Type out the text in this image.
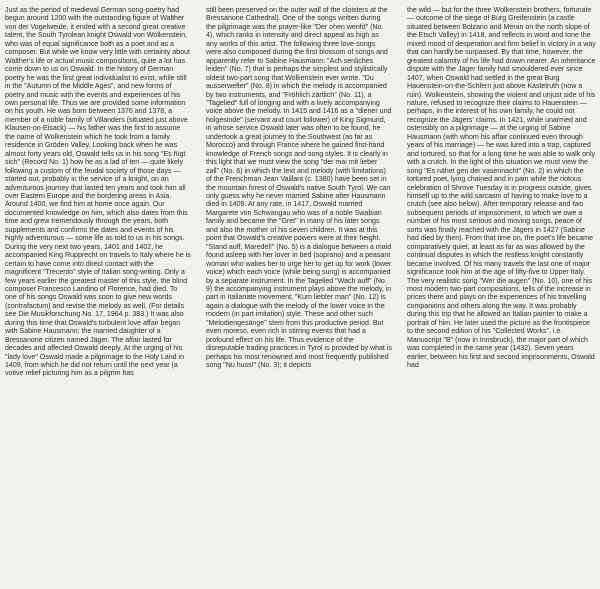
Just as the period of medieval German song-poetry had begun around 1200 with the outstanding figure of Walther von der Vogelweide, it ended with a second great creative talent, the South Tyrolean knight Oswald von Wolkenstein, who was of equal significance both as a poet and as a composer. But while we know very little with certainty about Walther's life or actual music compositions, quite a lot has come down to us on Oswald. In the history of German poetry he was the first great individualist to exist, while still in the "Autumn of the Middle Ages", and new forms of poetry and music with the events and experiences of his own personal life. Thus we are provided some information on his youth. He was born between 1376 and 1378, a member of a noble family of Villanders (situated just above Klausen-on-Eisack) — his father was the first to assume the name of Wolkenstein which he took from a family residence in Gröden Valley. Looking back when he was almost forty years old, Oswald tells us in his song "Es fügt sich" (Record No. 1) how he as a lad of ten — quite likely following a custom of the feudal society of those days — started out, probably in the service of a knight, on an adventurous journey that lasted ten years and took him all over Eastern Europe and the bordering areas in Asia. Around 1400, we find him at home once again. Our documented knowledge on him, which also dates from this time and grew tremendously through the years, both supplements and confirms the dates and events of his highly adventurous — some life as told to us in his songs. During the very next two years, 1401 and 1402, he accompanied King Rupprecht on travels to Italy where he is certain to have come into direct contact with the magnificent "Trecento" style of Italian song-writing. Only a few years earlier the greatest master of this style, the blind composer Francesco Landino of Florence, had died. To one of his songs Oswald was soon to give new words (contrafactum) and revise the melody as well. (For details see Die Musikforschung No. 17, 1964 p. 383.) It was also during this time that Oswald's turbulent love affair began with Sabine Hausmann; the married daughter of a Bressanone citizen named Jäger. The affair lasted for decades and affected Oswald deeply. At the urging of his "lady love" Oswald made a pilgrimage to the Holy Land in 1409, from which he did not return until the next year (a votive relief picturing him as a pilgrim has

still been preserved on the outer wall of the cloisters at the Bressanone Cathedral). One of the songs written during the pilgrimage was the prayer-like "Der ohen wenfd" (No. 4), which ranks in intensity and direct appeal as high as any works of this artist. The following three love-songs were also composed during the first blossom of songs and apparently refer to Sabine Hausmann: "Ach senliches leiden" (No. 7) that is perhaps the simplest and stylistically oldest two-part song that Wolkenstein ever wrote. "Du ausserwelter" (No. 8) in which the melody is accompanied by two instruments, and "Fröhlich zärtlich" (No. 11), a "Tagelied" full of longing and with a lively accompanying voice above the melody. In 1415 and 1416 as a "diener und holgesinde" (servant and court follower) of King Sigmund, in whose service Oswald later was often to be found, he undertook a great journey to the Southwest (as far as Morocco) and through France where he gained first-hand knowledge of French songs and song styles. It is clearly in this light that we must view the song "der mai mit lieber zall" (No. 6) in which the text and melody (with limitations) of the Frenchman Jean Vaillant (c. 1380) have been set in the mountain forest of Oswald's native South Tyrol. We can only guess why he never married Sabine after Hausmann died in 1409. At any rate, in 1417, Oswald married Margarete von Schwangau who was of a noble Swabian family and became the "Gret" in many of his later songs and also the mother of his seven children. It was at this point that Oswald's creative powers were at their height. "Stand auff, Maredel!" (No. 5) is a dialogue between a maid found asleep with her lover in bed (soprano) and a peasant woman who wakes her to urge her to get up for work (lower voice) which each voice (while being sung) is accompanied by a separate instrument. In the Tagelied "Wach auff" (No. 9) the accompanying instrument plays above the melody, in part in Italianate movement; "Kum liebter man" (No. 12) is again a dialogue with the melody of the lower voice in the modern (in part imitation) style. These and other such "Melodiengesänge" stem from this productive period. But even moreso, even rich in stirring events that had a profound effect on his life. Thus evidence of the disreputable trading practices in Tyrol is provided by what is perhaps his most renowned and most frequently published song "Nu huss!" (No. 3); it depicts

the wild — but for the three Wolkenstein brothers, fortunate — outcome of the siege of Burg Greifenstein (a castle situated between Bolzano and Meran on the north slope of the Etsch Valley) in 1418, and reflects in word and tone the mixed mood of desperation and firm belief in victory in a way that can hardly be surpassed. By that time, however, the greatest calamity of his life had drawn nearer. An inheritance dispute with the Jäger family had smouldered ever since 1407, when Oswald had settled in the great Burg Hauenstein-on-the-Schlern just above Kastelruth (now a ruin). Wolkenstein, showing the violent and unjust side of his nature, refused to recognize their claims to Hauenstein — perhaps, in the interest of his own family, he could not recognize the Jägers' claims. In 1421, while unarmed and ostensibly on a pilgrimage — at the urging of Sabine Hausmann (with whom his affair continued even through years of his marriage) — he was lured into a trap, captured and tortured, so that for a long time he was able to walk only with a crutch. In the light of this situation we must view the song "Es nähet gen der vasennacht" (No. 2) in which the tortured poet, lying chained and in pain while the riotous celebration of Shrove Tuesday is in progress outside, gives himself up to the wild sarcasm of having to make love to a crutch (see also below). After temporary release and two subsequent periods of imprisonment, to which we owe a number of his most serious and moving songs, peace of sorts was finally reached with the Jägers in 1427 (Sabine had died by then). From that time on, the poet's life became comparatively quiet, at least as far as was allowed by the continual disputes in which the restless knight constantly became involved. Of his many travels the last one of major significance took him at the age of fifty-five to Upper Italy. The very realistic song "Wer die augen" (No. 10), one of his most modern two-part compositions, tells of the increase in prices there and plays on the experiences of his travelling companions and others along the way. It was probably during this trip that he allowed an Italian painter to make a portrait of him. He later used the picture as the frontispiece to the second edition of his "Collected Works", i.e. Manuscript "B" (now in Innsbruck), the major part of which was completed in the same year (1432). Seven years earlier, between his first and second imprisonments, Oswald had
